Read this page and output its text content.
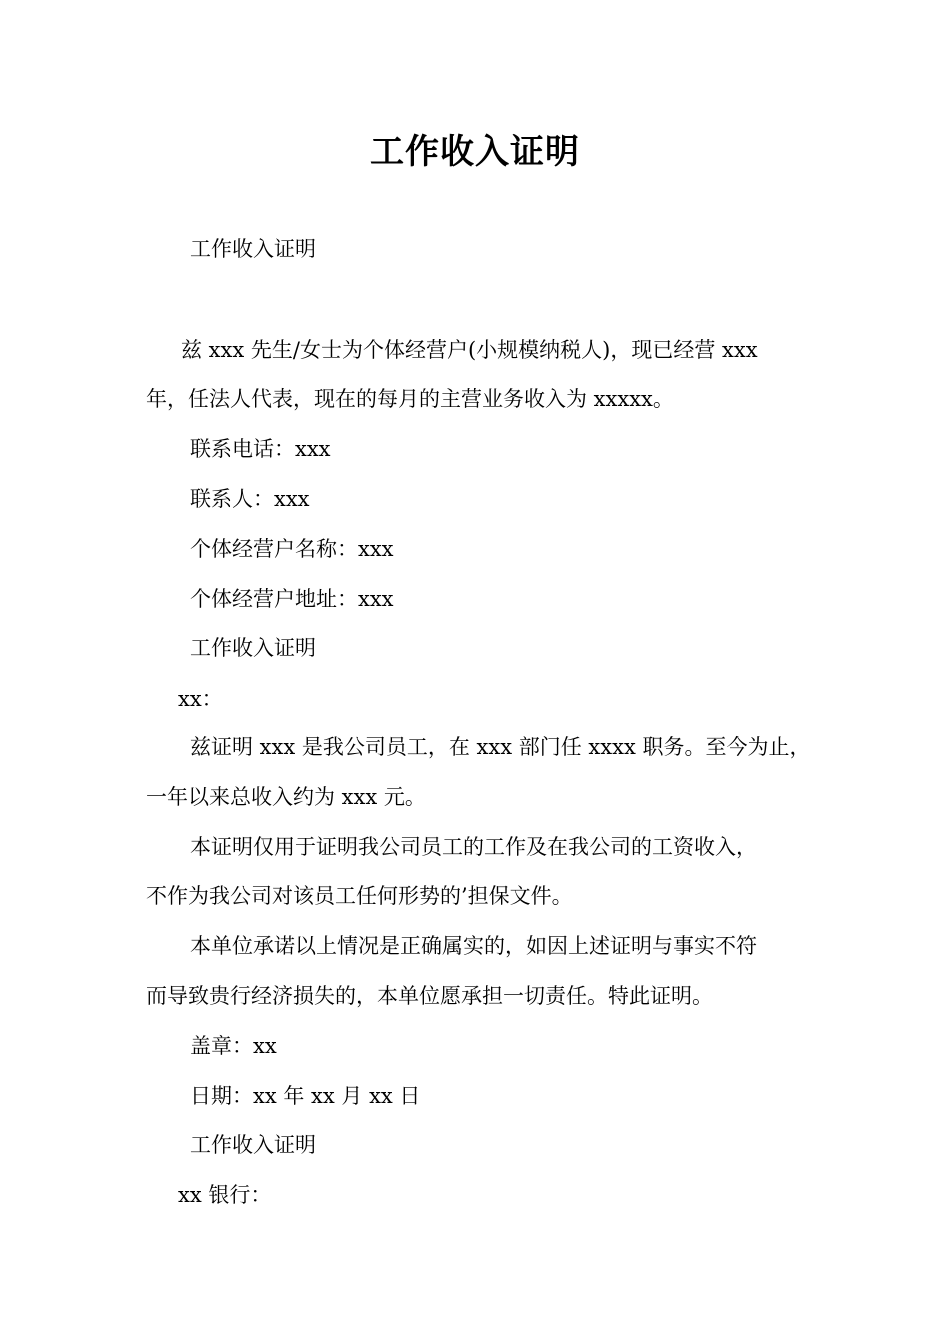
工作收入证明
工作收入证明
兹 xxx 先生/女士为个体经营户(小规模纳税人)，现已经营 xxx
年，任法人代表，现在的每月的主营业务收入为 xxxxx。
联系电话：xxx
联系人：xxx
个体经营户名称：xxx
个体经营户地址：xxx
工作收入证明
xx：
兹证明 xxx 是我公司员工，在 xxx 部门任 xxxx 职务。至今为止，
一年以来总收入约为 xxx 元。
本证明仅用于证明我公司员工的工作及在我公司的工资收入，
不作为我公司对该员工任何形势的’担保文件。
本单位承诺以上情况是正确属实的，如因上述证明与事实不符
而导致贵行经济损失的，本单位愿承担一切责任。特此证明。
盖章：xx
日期：xx 年 xx 月 xx 日
工作收入证明
xx 银行：
